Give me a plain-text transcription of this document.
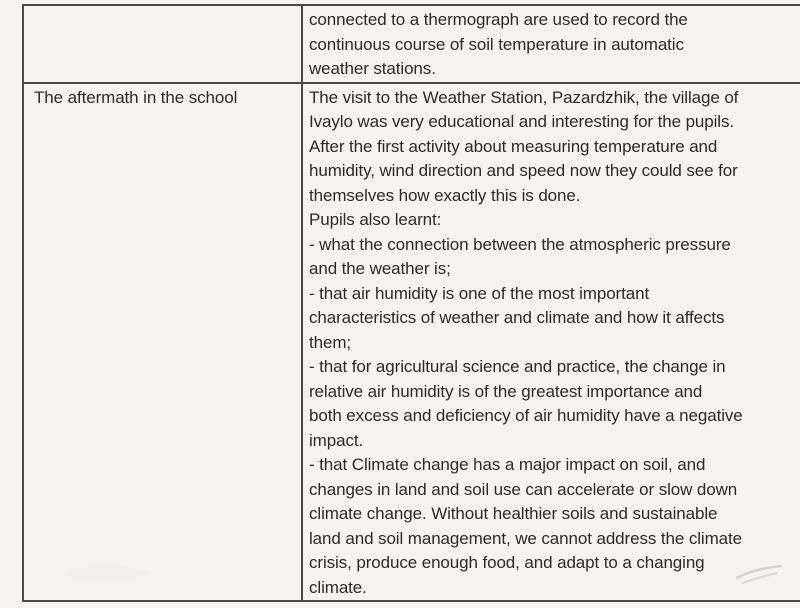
	connected to a thermograph are used to record the
continuous course of soil temperature in automatic
weather stations.

The aftermath in the school	The visit to the Weather Station, Pazardzhik, the village of
Ivaylo was very educational and interesting for the pupils.
After the first activity about measuring temperature and
humidity, wind direction and speed now they could see for
themselves how exactly this is done.
Pupils also learnt:
- what the connection between the atmospheric pressure
and the weather is;
- that air humidity is one of the most important
characteristics of weather and climate and how it affects
them;
- that for agricultural science and practice, the change in
relative air humidity is of the greatest importance and
both excess and deficiency of air humidity have a negative
impact.
- that Climate change has a major impact on soil, and
changes in land and soil use can accelerate or slow down
climate change. Without healthier soils and sustainable
land and soil management, we cannot address the climate
crisis, produce enough food, and adapt to a changing
climate.
